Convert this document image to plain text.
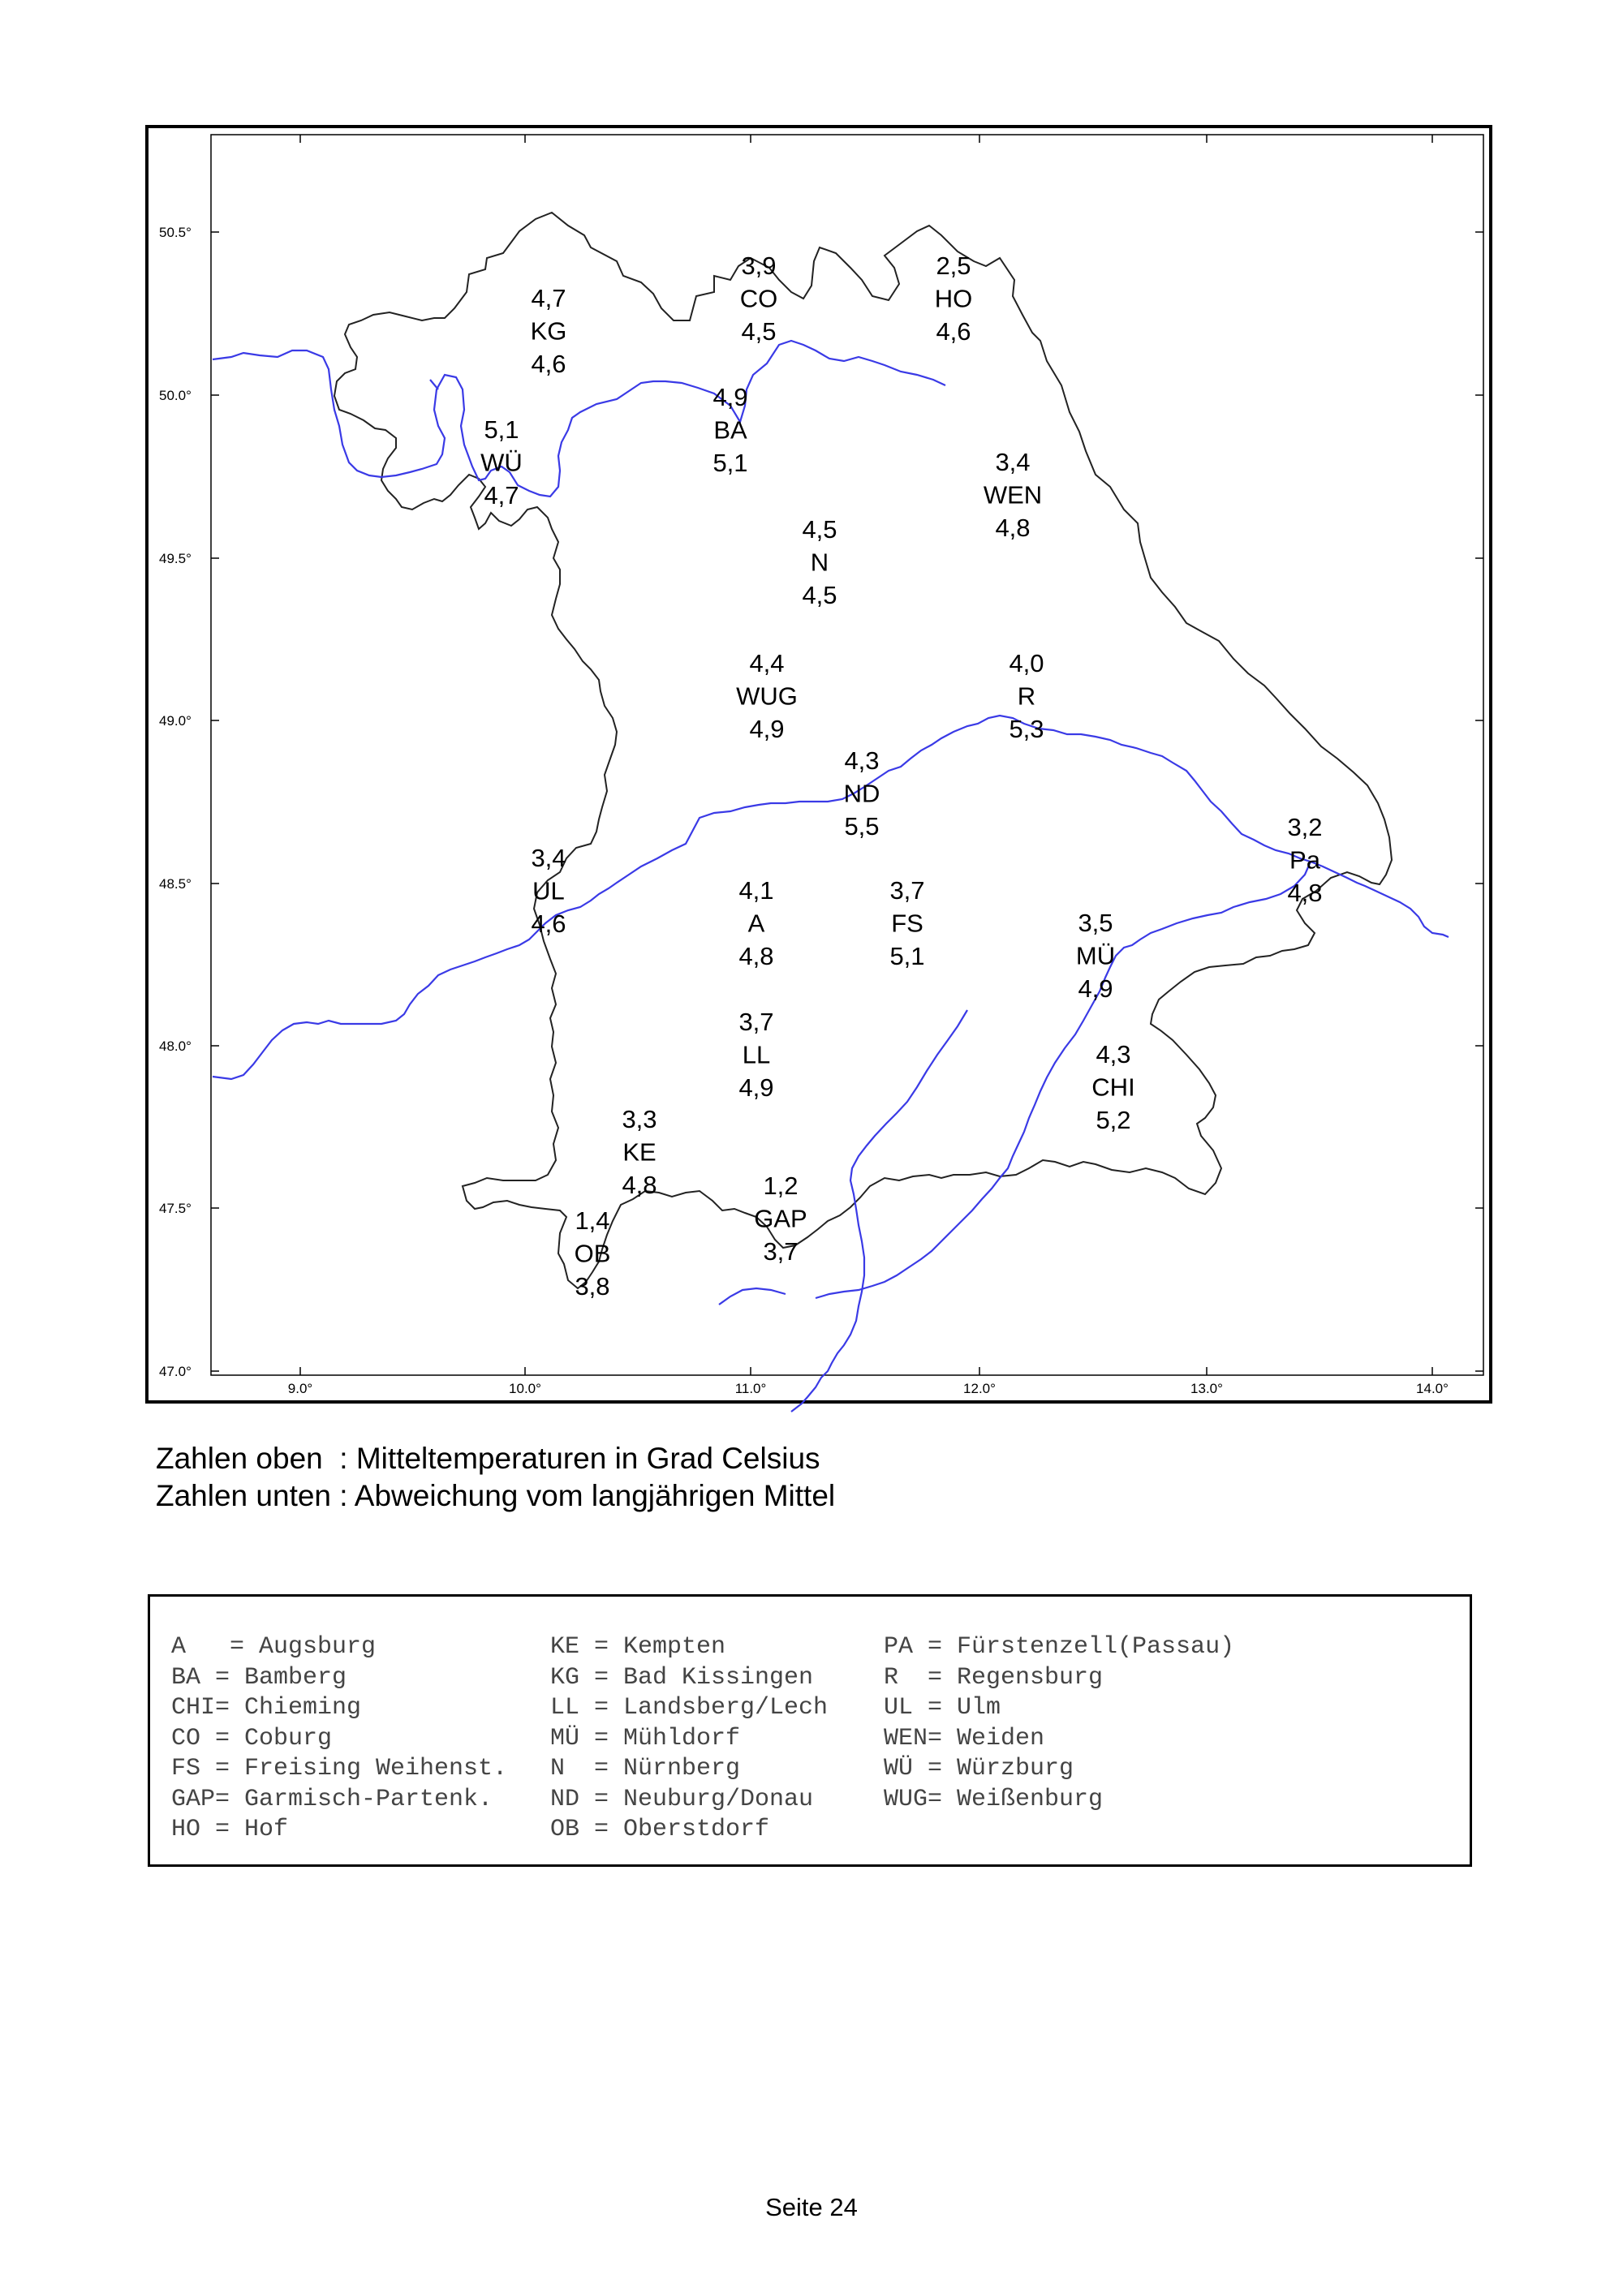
50.5°
50.0°
49.5°
49.0°
48.5°
48.0°
47.5°
47.0°
9.0°	10.0°	11.0°	12.0°	13.0°	14.0°
4,7
KG
4,6
3,9
CO
4,5
2,5
HO
4,6
5,1
WÜ
4,7
4,9
BA
5,1	3,4
WEN
4,8
4,5
N
4,5
4,4
WUG
4,9
4,0
R
5,3
4,3
ND
5,5	3,2
Pa
4,8
3,4
UL
4,6
4,1
A
4,8
3,7
FS
5,1
3,5
MÜ
4,9
3,7
LL
4,9
4,3
CHI
5,2
3,3
KE
4,8	1,2
GAP
3,7
1,4
OB
3,8
Zahlen oben  : Mitteltemperaturen in Grad Celsius
Zahlen unten : Abweichung vom langjährigen Mittel
A   = Augsburg
BA = Bamberg
CHI= Chieming
CO = Coburg
FS = Freising Weihenst.
GAP= Garmisch-Partenk.
HO = Hof
KE = Kempten
KG = Bad Kissingen
LL = Landsberg/Lech
MÜ = Mühldorf
N  = Nürnberg
ND = Neuburg/Donau
OB = Oberstdorf
PA = Fürstenzell(Passau)
R  = Regensburg
UL = Ulm
WEN= Weiden
WÜ = Würzburg
WUG= Weißenburg
Seite 24
